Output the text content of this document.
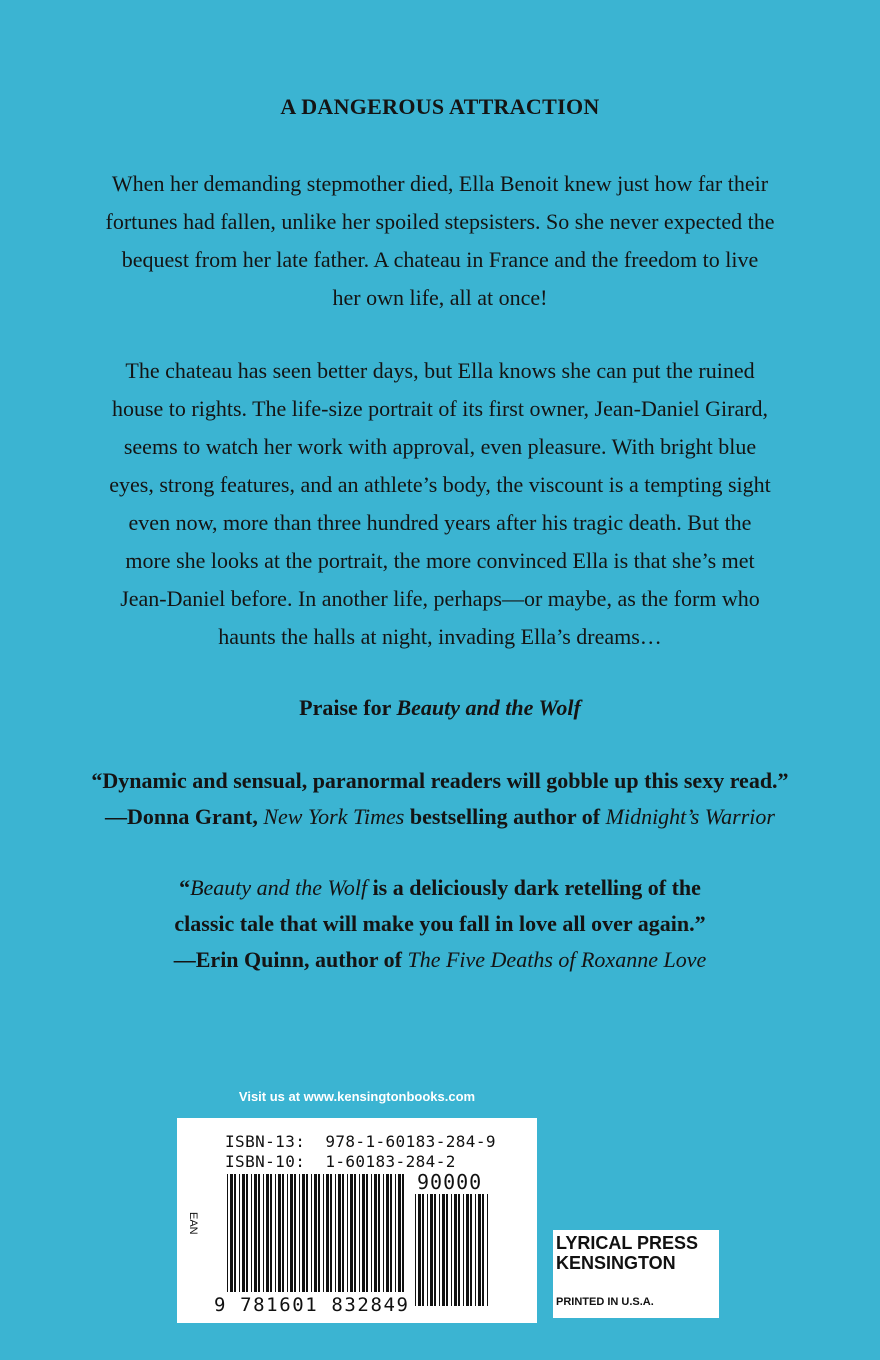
A DANGEROUS ATTRACTION
When her demanding stepmother died, Ella Benoit knew just how far their
fortunes had fallen, unlike her spoiled stepsisters. So she never expected the
bequest from her late father. A chateau in France and the freedom to live
her own life, all at once!
The chateau has seen better days, but Ella knows she can put the ruined
house to rights. The life-size portrait of its first owner, Jean-Daniel Girard,
seems to watch her work with approval, even pleasure. With bright blue
eyes, strong features, and an athlete’s body, the viscount is a tempting sight
even now, more than three hundred years after his tragic death. But the
more she looks at the portrait, the more convinced Ella is that she’s met
Jean-Daniel before. In another life, perhaps—or maybe, as the form who
haunts the halls at night, invading Ella’s dreams…
Praise for Beauty and the Wolf
“Dynamic and sensual, paranormal readers will gobble up this sexy read.”
—Donna Grant, New York Times bestselling author of Midnight’s Warrior
“Beauty and the Wolf is a deliciously dark retelling of the
classic tale that will make you fall in love all over again.”
—Erin Quinn, author of The Five Deaths of Roxanne Love
Visit us at www.kensingtonbooks.com
ISBN-13:  978-1-60183-284-9
ISBN-10:  1-60183-284-2
EAN
90000
9 781601 832849
LYRICAL PRESS
KENSINGTON
PRINTED IN U.S.A.
